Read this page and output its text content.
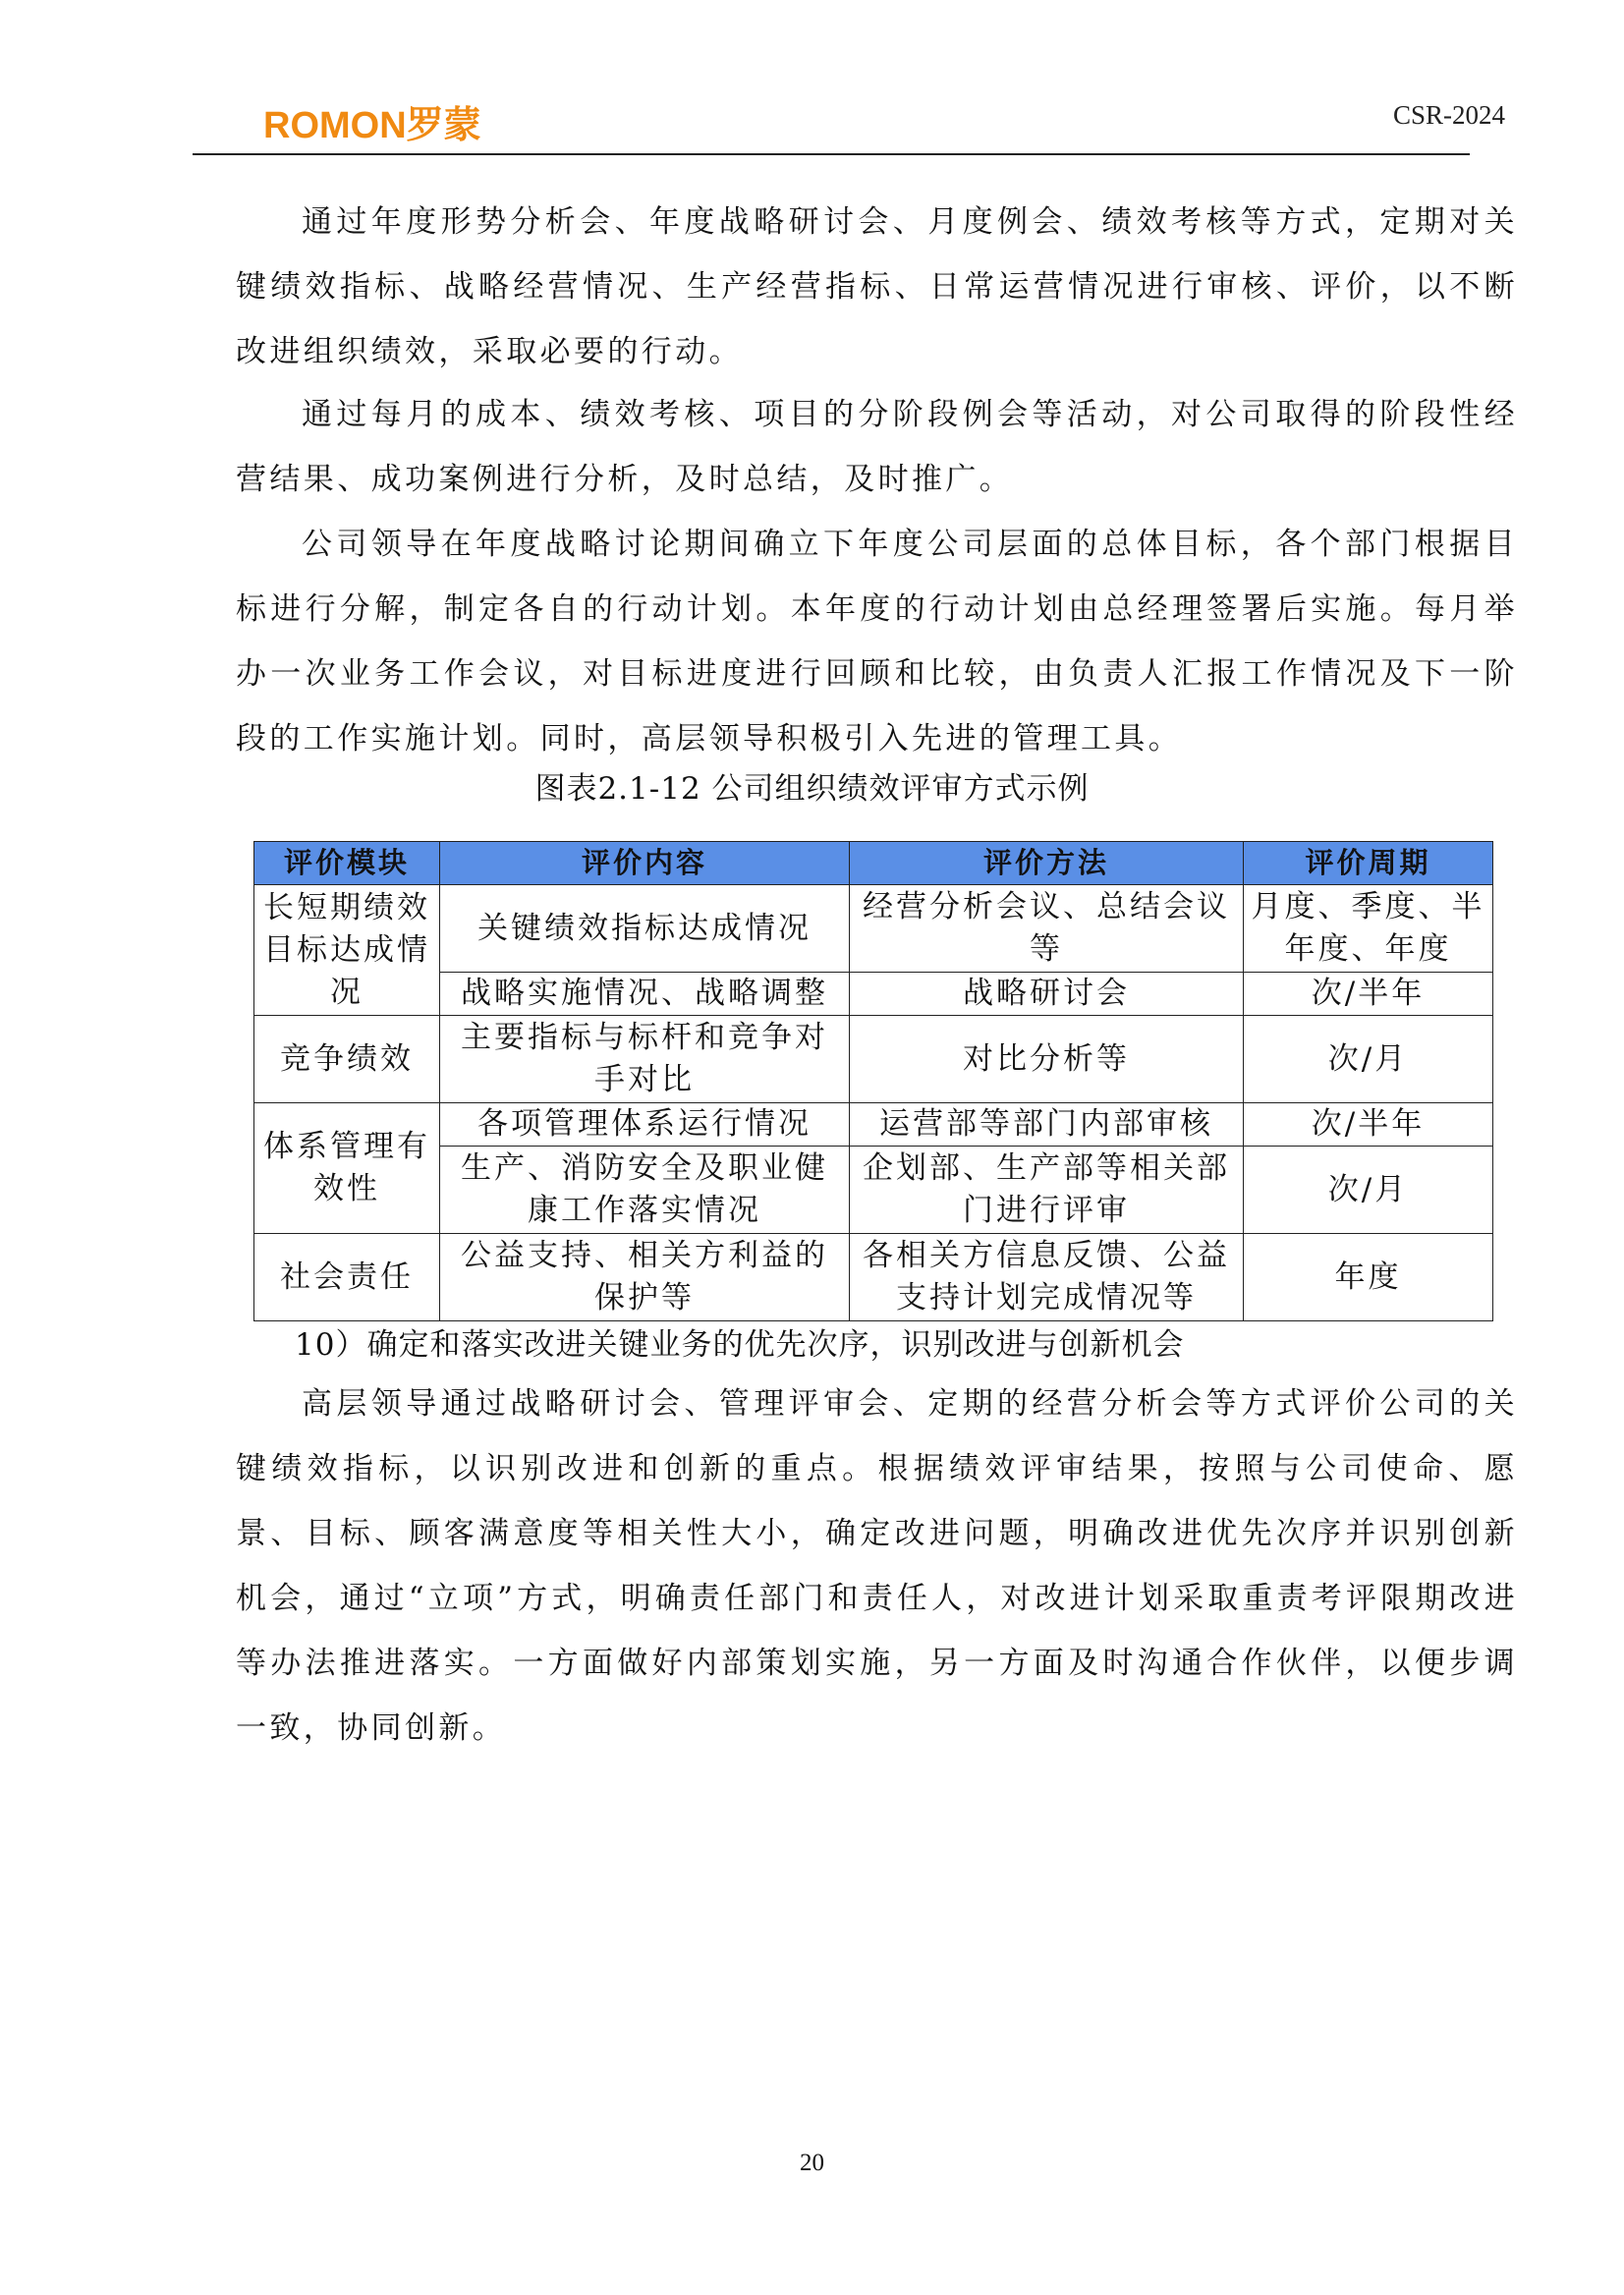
ROMON罗蒙	CSR-2024

通过年度形势分析会、年度战略研讨会、月度例会、绩效考核等方式，定期对关键绩效指标、战略经营情况、生产经营指标、日常运营情况进行审核、评价，以不断改进组织绩效，采取必要的行动。

通过每月的成本、绩效考核、项目的分阶段例会等活动，对公司取得的阶段性经营结果、成功案例进行分析，及时总结，及时推广。

公司领导在年度战略讨论期间确立下年度公司层面的总体目标，各个部门根据目标进行分解，制定各自的行动计划。本年度的行动计划由总经理签署后实施。每月举办一次业务工作会议，对目标进度进行回顾和比较，由负责人汇报工作情况及下一阶段的工作实施计划。同时，高层领导积极引入先进的管理工具。

图表2.1-12 公司组织绩效评审方式示例
评价模块	评价内容	评价方法	评价周期
长短期绩效目标达成情况	关键绩效指标达成情况	经营分析会议、总结会议等	月度、季度、半年度、年度
	战略实施情况、战略调整	战略研讨会	次/半年
竞争绩效	主要指标与标杆和竞争对手对比	对比分析等	次/月
体系管理有效性	各项管理体系运行情况	运营部等部门内部审核	次/半年
	生产、消防安全及职业健康工作落实情况	企划部、生产部等相关部门进行评审	次/月
社会责任	公益支持、相关方利益的保护等	各相关方信息反馈、公益支持计划完成情况等	年度
10）确定和落实改进关键业务的优先次序，识别改进与创新机会

高层领导通过战略研讨会、管理评审会、定期的经营分析会等方式评价公司的关键绩效指标，以识别改进和创新的重点。根据绩效评审结果，按照与公司使命、愿景、目标、顾客满意度等相关性大小，确定改进问题，明确改进优先次序并识别创新机会，通过“立项”方式，明确责任部门和责任人，对改进计划采取重责考评限期改进等办法推进落实。一方面做好内部策划实施，另一方面及时沟通合作伙伴，以便步调一致，协同创新。

20
